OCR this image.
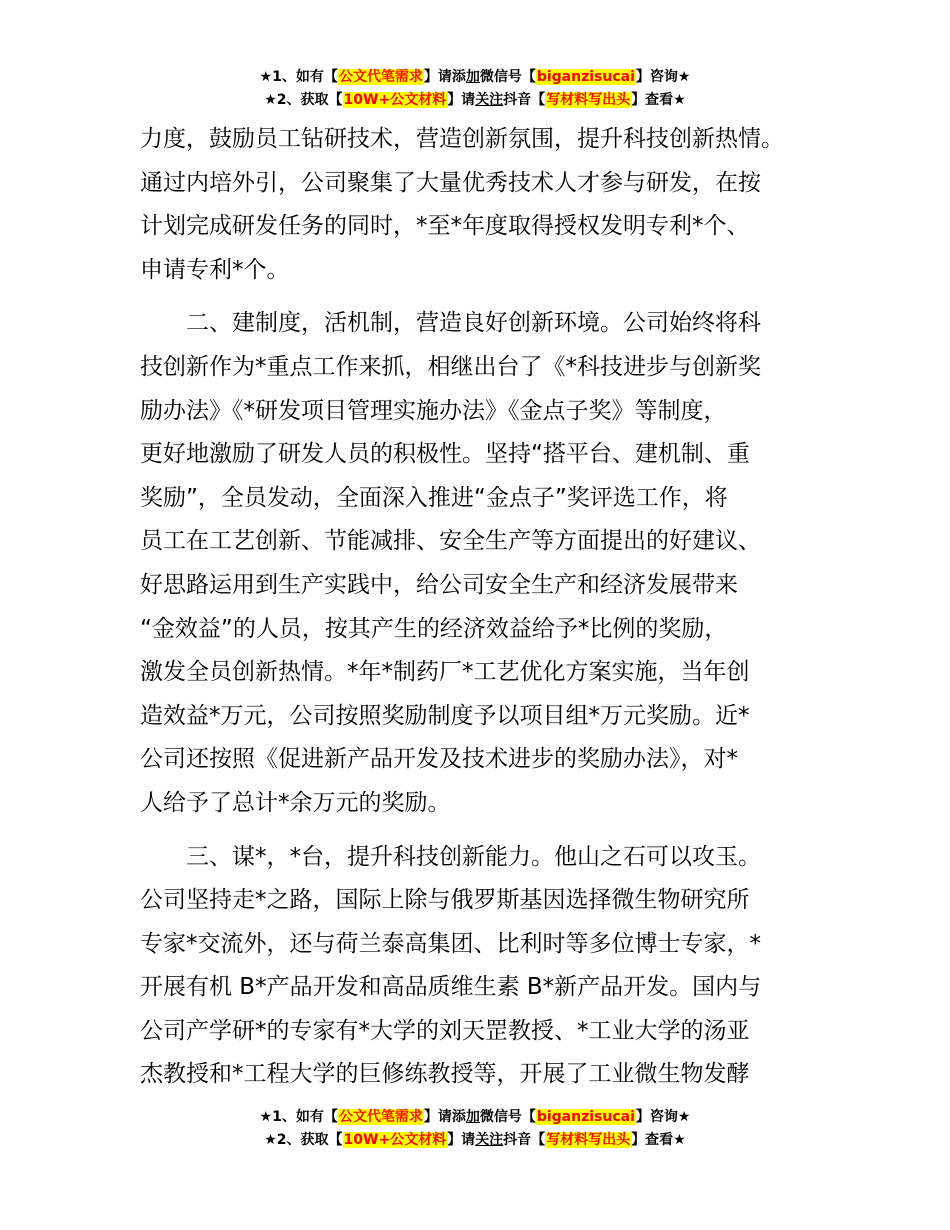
★1、如有【公文代笔需求】请添加微信号【biganzisucai】咨询★
★2、获取【10W+公文材料】请关注抖音【写材料写出头】查看★

力度，鼓励员工钻研技术，营造创新氛围，提升科技创新热情。
通过内培外引，公司聚集了大量优秀技术人才参与研发，在按
计划完成研发任务的同时，*至*年度取得授权发明专利*个、
申请专利*个。

二、建制度，活机制，营造良好创新环境。公司始终将科
技创新作为*重点工作来抓，相继出台了《*科技进步与创新奖
励办法》《*研发项目管理实施办法》《金点子奖》等制度，
更好地激励了研发人员的积极性。坚持“搭平台、建机制、重
奖励”，全员发动，全面深入推进“金点子”奖评选工作，将
员工在工艺创新、节能减排、安全生产等方面提出的好建议、
好思路运用到生产实践中，给公司安全生产和经济发展带来
“金效益”的人员，按其产生的经济效益给予*比例的奖励，
激发全员创新热情。*年*制药厂*工艺优化方案实施，当年创
造效益*万元，公司按照奖励制度予以项目组*万元奖励。近*
公司还按照《促进新产品开发及技术进步的奖励办法》，对*
人给予了总计*余万元的奖励。

三、谋*，*台，提升科技创新能力。他山之石可以攻玉。
公司坚持走*之路，国际上除与俄罗斯基因选择微生物研究所
专家*交流外，还与荷兰泰高集团、比利时等多位博士专家，*
开展有机 B*产品开发和高品质维生素 B*新产品开发。国内与
公司产学研*的专家有*大学的刘天罡教授、*工业大学的汤亚
杰教授和*工程大学的巨修练教授等，开展了工业微生物发酵

★1、如有【公文代笔需求】请添加微信号【biganzisucai】咨询★
★2、获取【10W+公文材料】请关注抖音【写材料写出头】查看★
